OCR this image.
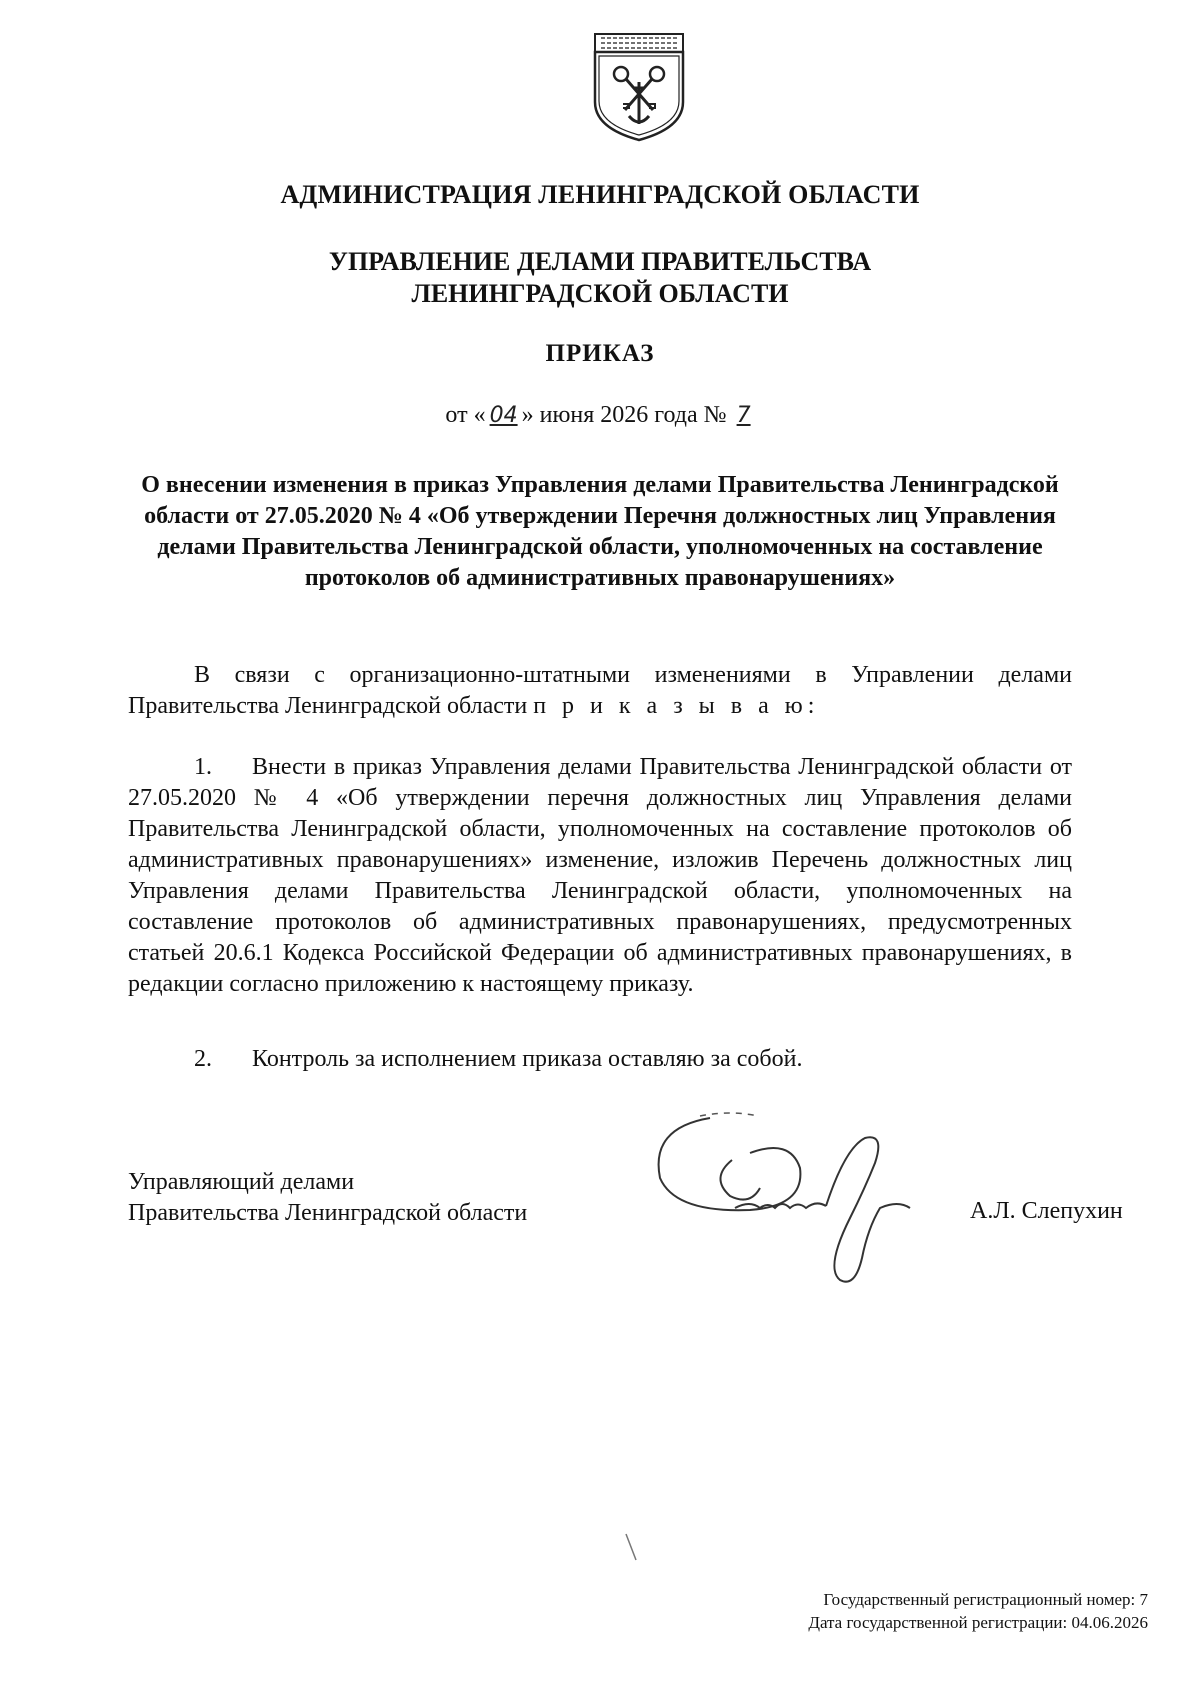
АДМИНИСТРАЦИЯ ЛЕНИНГРАДСКОЙ ОБЛАСТИ
УПРАВЛЕНИЕ ДЕЛАМИ ПРАВИТЕЛЬСТВА
ЛЕНИНГРАДСКОЙ ОБЛАСТИ
ПРИКАЗ
от « 04 » июня 2026 года № 7
О внесении изменения в приказ Управления делами Правительства Ленинградской области от 27.05.2020 № 4 «Об утверждении Перечня должностных лиц Управления делами Правительства Ленинградской области, уполномоченных на составление протоколов об административных правонарушениях»
В связи с организационно-штатными изменениями в Управлении делами Правительства Ленинградской области п р и к а з ы в а ю:
1. Внести в приказ Управления делами Правительства Ленинградской области от 27.05.2020 № 4 «Об утверждении перечня должностных лиц Управления делами Правительства Ленинградской области, уполномоченных на составление протоколов об административных правонарушениях» изменение, изложив Перечень должностных лиц Управления делами Правительства Ленинградской области, уполномоченных на составление протоколов об административных правонарушениях, предусмотренных статьей 20.6.1 Кодекса Российской Федерации об административных правонарушениях, в редакции согласно приложению к настоящему приказу.
2. Контроль за исполнением приказа оставляю за собой.
Управляющий делами
Правительства Ленинградской области	А.Л. Слепухин
Государственный регистрационный номер: 7
Дата государственной регистрации: 04.06.2026
